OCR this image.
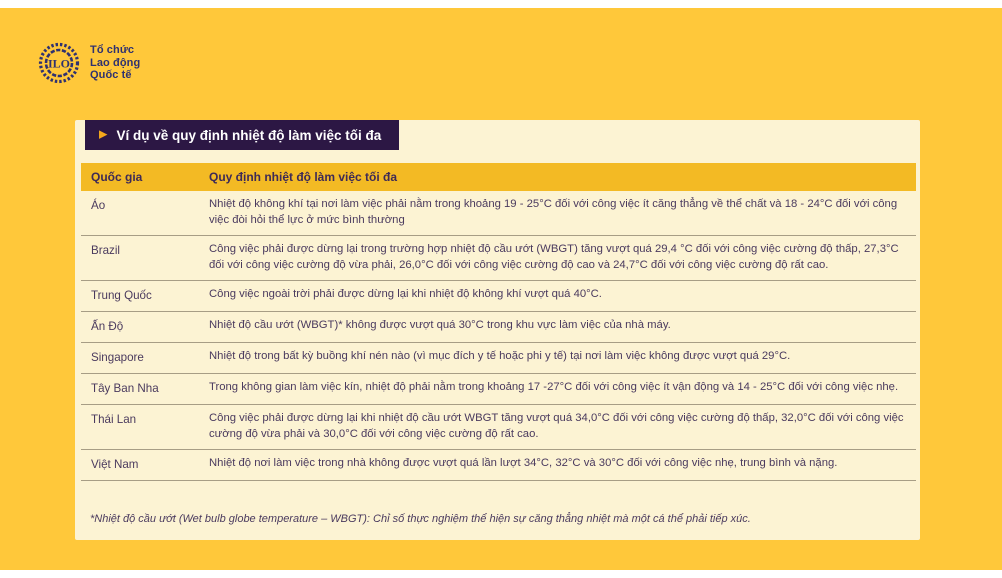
ILO
Tổ chức
Lao động
Quốc tế
▶ Ví dụ về quy định nhiệt độ làm việc tối đa
Quốc gia	Quy định nhiệt độ làm việc tối đa
Áo	Nhiệt độ không khí tại nơi làm việc phải nằm trong khoảng 19 - 25°C đối với công việc ít căng thẳng về thể chất và 18 - 24°C đối với công việc đòi hỏi thể lực ở mức bình thường
Brazil	Công việc phải được dừng lại trong trường hợp nhiệt độ cầu ướt (WBGT) tăng vượt quá 29,4 °C đối với công việc cường độ thấp, 27,3°C đối với công việc cường độ vừa phải, 26,0°C đối với công việc cường độ cao và 24,7°C đối với công việc cường độ rất cao.
Trung Quốc	Công việc ngoài trời phải được dừng lại khi nhiệt độ không khí vượt quá 40°C.
Ấn Độ	Nhiệt độ cầu ướt (WBGT)* không được vượt quá 30°C trong khu vực làm việc của nhà máy.
Singapore	Nhiệt độ trong bất kỳ buồng khí nén nào (vì mục đích y tế hoặc phi y tế) tại nơi làm việc không được vượt quá 29°C.
Tây Ban Nha	Trong không gian làm việc kín, nhiệt độ phải nằm trong khoảng 17 -27°C đối với công việc ít vận động và 14 - 25°C đối với công việc nhẹ.
Thái Lan	Công việc phải được dừng lại khi nhiệt độ cầu ướt WBGT tăng vượt quá 34,0°C đối với công việc cường độ thấp, 32,0°C đối với công việc cường độ vừa phải và 30,0°C đối với công việc cường độ rất cao.
Việt Nam	Nhiệt độ nơi làm việc trong nhà không được vượt quá lần lượt 34°C, 32°C và 30°C đối với công việc nhẹ, trung bình và nặng.
*Nhiệt độ cầu ướt (Wet bulb globe temperature – WBGT): Chỉ số thực nghiệm thể hiện sự căng thẳng nhiệt mà một cá thể phải tiếp xúc.
